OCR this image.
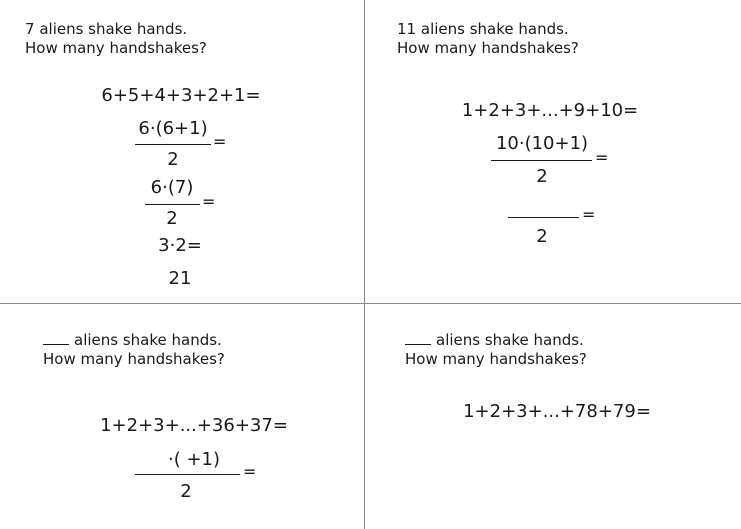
7 aliens shake hands.
How many handshakes?
6+5+4+3+2+1=
6·(6+1)
=
2
6·(7)
=
2
3·2=
21
11 aliens shake hands.
How many handshakes?
1+2+3+...+9+10=
10·(10+1)
=
2
=
2
aliens shake hands.
How many handshakes?
1+2+3+...+36+37=
·( +1)
=
2
aliens shake hands.
How many handshakes?
1+2+3+...+78+79=
